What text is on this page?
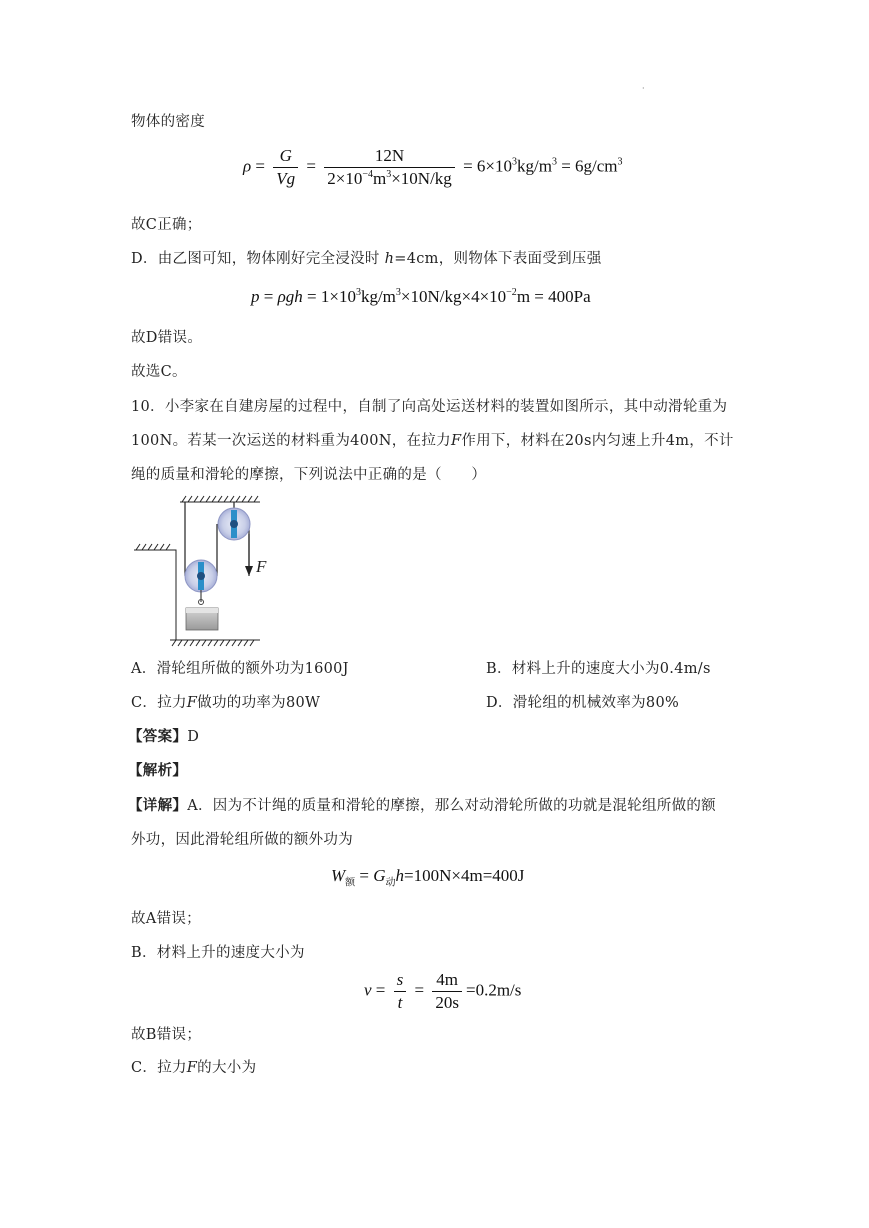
·
物体的密度
$\rho = \frac{G}{Vg} = \frac{12N}{2\times 10^{-4}m^3\times 10N/kg} = 6\times 10^3kg/m^3 = 6g/cm^3$
故C正确；
D．由乙图可知，物体刚好完全浸没时 h=4cm，则物体下表面受到压强
$p = \rho gh = 1\times 10^3kg/m^3\times 10N/kg\times 4\times 10^{-2}m = 400Pa$
故D错误。
故选C。
10．小李家在自建房屋的过程中，自制了向高处运送材料的装置如图所示，其中动滑轮重为
100N。若某一次运送的材料重为400N，在拉力F作用下，材料在20s内匀速上升4m，不计
绳的质量和滑轮的摩擦，下列说法中正确的是（　　）
F
A．滑轮组所做的额外功为1600J	B．材料上升的速度大小为0.4m/s
C．拉力F做功的功率为80W	D．滑轮组的机械效率为80%
【答案】D
【解析】
【详解】A．因为不计绳的质量和滑轮的摩擦，那么对动滑轮所做的功就是混轮组所做的额
外功，因此滑轮组所做的额外功为
$W_额 = G_动h=100N\times 4m=400J$
故A错误；
B．材料上升的速度大小为
$v = \frac{s}{t} = \frac{4m}{20s} =0.2m/s$
故B错误；
C．拉力F的大小为
